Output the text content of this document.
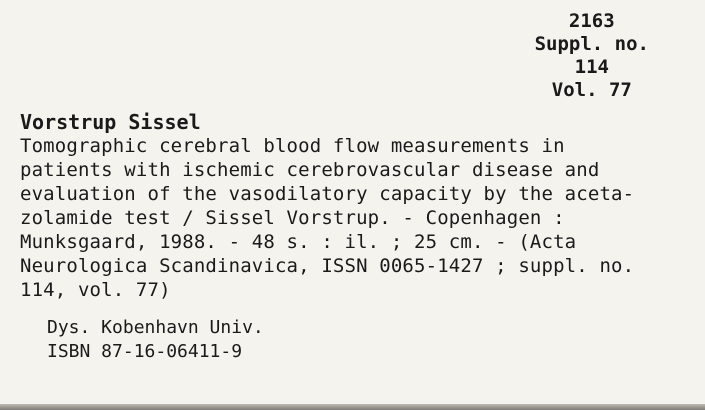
2163
Suppl. no.
114
Vol. 77
Vorstrup Sissel
Tomographic cerebral blood flow measurements in
patients with ischemic cerebrovascular disease and
evaluation of the vasodilatory capacity by the aceta-
zolamide test / Sissel Vorstrup. - Copenhagen :
Munksgaard, 1988. - 48 s. : il. ; 25 cm. - (Acta
Neurologica Scandinavica, ISSN 0065-1427 ; suppl. no.
114, vol. 77)
Dys. Kobenhavn Univ.
ISBN 87-16-06411-9
